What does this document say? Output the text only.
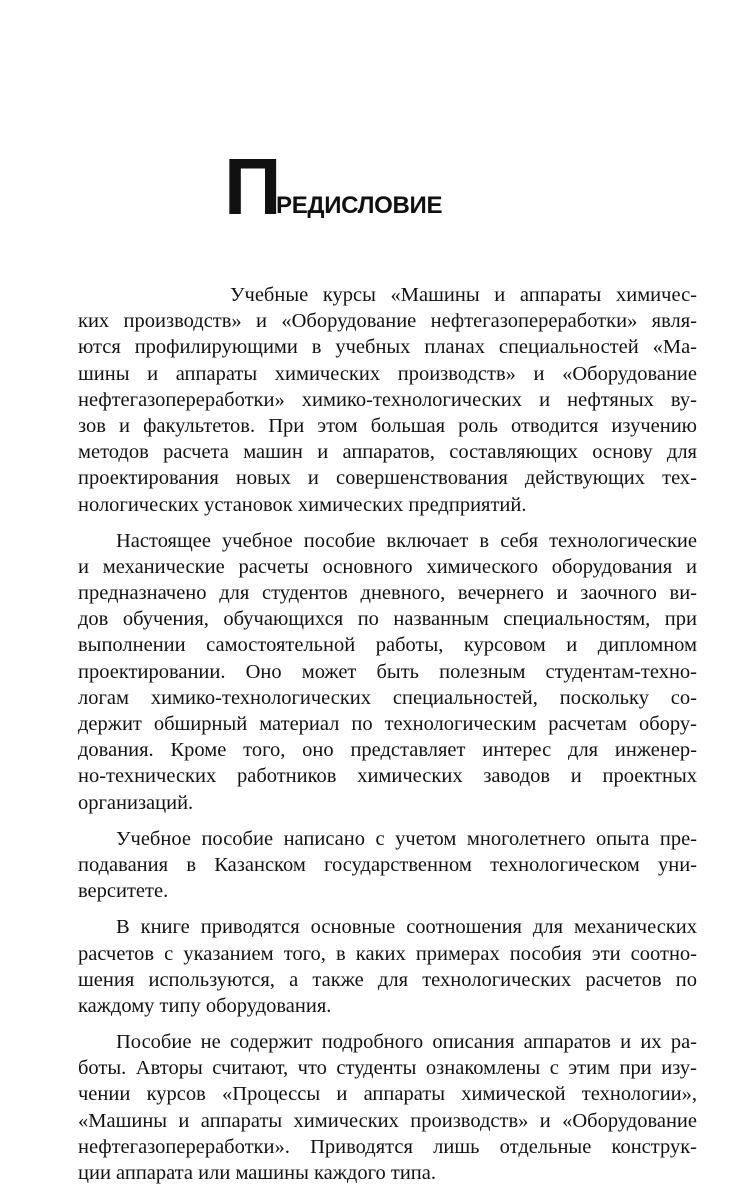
П
РЕДИСЛОВИЕ
Учебные курсы «Машины и аппараты химичес-
ких производств» и «Оборудование нефтегазопереработки» явля-
ются профилирующими в учебных планах специальностей «Ма-
шины и аппараты химических производств» и «Оборудование
нефтегазопереработки» химико-технологических и нефтяных ву-
зов и факультетов. При этом большая роль отводится изучению
методов расчета машин и аппаратов, составляющих основу для
проектирования новых и совершенствования действующих тех-
нологических установок химических предприятий.
Настоящее учебное пособие включает в себя технологические
и механические расчеты основного химического оборудования и
предназначено для студентов дневного, вечернего и заочного ви-
дов обучения, обучающихся по названным специальностям, при
выполнении самостоятельной работы, курсовом и дипломном
проектировании. Оно может быть полезным студентам-техно-
логам химико-технологических специальностей, поскольку со-
держит обширный материал по технологическим расчетам обору-
дования. Кроме того, оно представляет интерес для инженер-
но-технических работников химических заводов и проектных
организаций.
Учебное пособие написано с учетом многолетнего опыта пре-
подавания в Казанском государственном технологическом уни-
верситете.
В книге приводятся основные соотношения для механических
расчетов с указанием того, в каких примерах пособия эти соотно-
шения используются, а также для технологических расчетов по
каждому типу оборудования.
Пособие не содержит подробного описания аппаратов и их ра-
боты. Авторы считают, что студенты ознакомлены с этим при изу-
чении курсов «Процессы и аппараты химической технологии»,
«Машины и аппараты химических производств» и «Оборудование
нефтегазопереработки». Приводятся лишь отдельные конструк-
ции аппарата или машины каждого типа.
